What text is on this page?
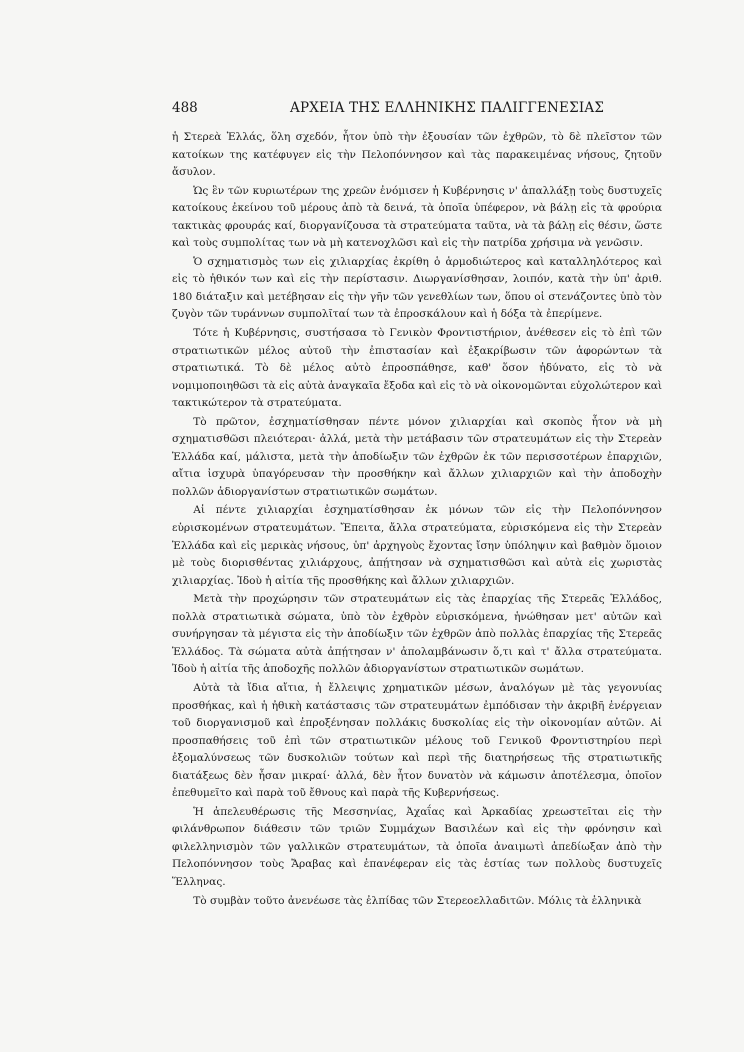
488	ΑΡΧΕΙΑ ΤΗΣ ΕΛΛΗΝΙΚΗΣ ΠΑΛΙΓΓΕΝΕΣΙΑΣ

ἡ Στερεὰ Ἑλλάς, ὅλη σχεδόν, ἦτον ὑπὸ τὴν ἐξουσίαν τῶν ἐχθρῶν, τὸ δὲ πλεῖστον τῶν κατοίκων της κατέφυγεν εἰς τὴν Πελοπόννησον καὶ τὰς παρακειμένας νήσους, ζητοῦν ἄσυλον.

Ὡς ἓν τῶν κυριωτέρων της χρεῶν ἐνόμισεν ἡ Κυβέρνησις ν' ἀπαλλάξῃ τοὺς δυστυχεῖς κατοίκους ἐκείνου τοῦ μέρους ἀπὸ τὰ δεινά, τὰ ὁποῖα ὑπέφερον, νὰ βάλῃ εἰς τὰ φρούρια τακτικὰς φρουράς καί, διοργανίζουσα τὰ στρατεύματα ταῦτα, νὰ τὰ βάλῃ εἰς θέσιν, ὥστε καὶ τοὺς συμπολίτας των νὰ μὴ κατενοχλῶσι καὶ εἰς τὴν πατρίδα χρήσιμα νὰ γενῶσιν.

Ὁ σχηματισμὸς των εἰς χιλιαρχίας ἐκρίθη ὁ ἁρμοδιώτερος καὶ καταλληλότερος καὶ εἰς τὸ ἠθικόν των καὶ εἰς τὴν περίστασιν. Διωργανίσθησαν, λοιπόν, κατὰ τὴν ὑπ' ἀριθ. 180 διάταξιν καὶ μετέβησαν εἰς τὴν γῆν τῶν γενεθλίων των, ὅπου οἱ στενάζοντες ὑπὸ τὸν ζυγὸν τῶν τυράννων συμπολῖταί των τὰ ἐπροσκάλουν καὶ ἡ δόξα τὰ ἐπερίμενε.

Τότε ἡ Κυβέρνησις, συστήσασα τὸ Γενικὸν Φροντιστήριον, ἀνέθεσεν εἰς τὸ ἐπὶ τῶν στρατιωτικῶν μέλος αὐτοῦ τὴν ἐπιστασίαν καὶ ἐξακρίβωσιν τῶν ἀφορώντων τὰ στρατιωτικά. Τὸ δὲ μέλος αὐτὸ ἐπροσπάθησε, καθ' ὅσον ἠδύνατο, εἰς τὸ νὰ νομιμοποιηθῶσι τὰ εἰς αὐτὰ ἀναγκαῖα ἔξοδα καὶ εἰς τὸ νὰ οἰκονομῶνται εὐχολώτερον καὶ τακτικώτερον τὰ στρατεύματα.

Τὸ πρῶτον, ἐσχηματίσθησαν πέντε μόνον χιλιαρχίαι καὶ σκοπὸς ἦτον νὰ μὴ σχηματισθῶσι πλειότεραι· ἀλλά, μετὰ τὴν μετάβασιν τῶν στρατευμάτων εἰς τὴν Στερεὰν Ἑλλάδα καί, μάλιστα, μετὰ τὴν ἀποδίωξιν τῶν ἐχθρῶν ἐκ τῶν περισσοτέρων ἐπαρχιῶν, αἴτια ἰσχυρὰ ὑπαγόρευσαν τὴν προσθήκην καὶ ἄλλων χιλιαρχιῶν καὶ τὴν ἀποδοχὴν πολλῶν ἀδιοργανίστων στρατιωτικῶν σωμάτων.

Αἱ πέντε χιλιαρχίαι ἐσχηματίσθησαν ἐκ μόνων τῶν εἰς τὴν Πελοπόννησον εὑρισκομένων στρατευμάτων. Ἔπειτα, ἄλλα στρατεύματα, εὑρισκόμενα εἰς τὴν Στερεὰν Ἑλλάδα καὶ εἰς μερικὰς νήσους, ὑπ' ἀρχηγοὺς ἔχοντας ἴσην ὑπόληψιν καὶ βαθμὸν ὅμοιον μὲ τοὺς διορισθέντας χιλιάρχους, ἀπῄτησαν νὰ σχηματισθῶσι καὶ αὐτὰ εἰς χωριστὰς χιλιαρχίας. Ἰδοὺ ἡ αἰτία τῆς προσθήκης καὶ ἄλλων χιλιαρχιῶν.

Μετὰ τὴν προχώρησιν τῶν στρατευμάτων εἰς τὰς ἐπαρχίας τῆς Στερεᾶς Ἑλλάδος, πολλὰ στρατιωτικὰ σώματα, ὑπὸ τὸν ἐχθρὸν εὑρισκόμενα, ἡνώθησαν μετ' αὐτῶν καὶ συνήργησαν τὰ μέγιστα εἰς τὴν ἀποδίωξιν τῶν ἐχθρῶν ἀπὸ πολλὰς ἐπαρχίας τῆς Στερεᾶς Ἑλλάδος. Τὰ σώματα αὐτὰ ἀπῄτησαν ν' ἀπολαμβάνωσιν ὅ,τι καὶ τ' ἄλλα στρατεύματα. Ἰδοὺ ἡ αἰτία τῆς ἀποδοχῆς πολλῶν ἀδιοργανίστων στρατιωτικῶν σωμάτων.

Αὐτὰ τὰ ἴδια αἴτια, ἡ ἔλλειψις χρηματικῶν μέσων, ἀναλόγων μὲ τὰς γεγονυίας προσθήκας, καὶ ἡ ἠθικὴ κατάστασις τῶν στρατευμάτων ἐμπόδισαν τὴν ἀκριβῆ ἐνέργειαν τοῦ διοργανισμοῦ καὶ ἐπροξένησαν πολλάκις δυσκολίας εἰς τὴν οἰκονομίαν αὐτῶν. Αἱ προσπαθήσεις τοῦ ἐπὶ τῶν στρατιωτικῶν μέλους τοῦ Γενικοῦ Φροντιστηρίου περὶ ἐξομαλύνσεως τῶν δυσκολιῶν τούτων καὶ περὶ τῆς διατηρήσεως τῆς στρατιωτικῆς διατάξεως δὲν ἦσαν μικραί· ἀλλά, δὲν ἦτον δυνατὸν νὰ κάμωσιν ἀποτέλεσμα, ὁποῖον ἐπεθυμεῖτο καὶ παρὰ τοῦ ἔθνους καὶ παρὰ τῆς Κυβερνήσεως.

Ἡ ἀπελευθέρωσις τῆς Μεσσηνίας, Ἀχαΐας καὶ Ἀρκαδίας χρεωστεῖται εἰς τὴν φιλάνθρωπον διάθεσιν τῶν τριῶν Συμμάχων Βασιλέων καὶ εἰς τὴν φρόνησιν καὶ φιλελληνισμὸν τῶν γαλλικῶν στρατευμάτων, τὰ ὁποῖα ἀναιμωτὶ ἀπεδίωξαν ἀπὸ τὴν Πελοπόννησον τοὺς Ἄραβας καὶ ἐπανέφεραν εἰς τὰς ἑστίας των πολλοὺς δυστυχεῖς Ἕλληνας.

Τὸ συμβὰν τοῦτο ἀνενέωσε τὰς ἐλπίδας τῶν Στερεοελλαδιτῶν. Μόλις τὰ ἑλληνικὰ
